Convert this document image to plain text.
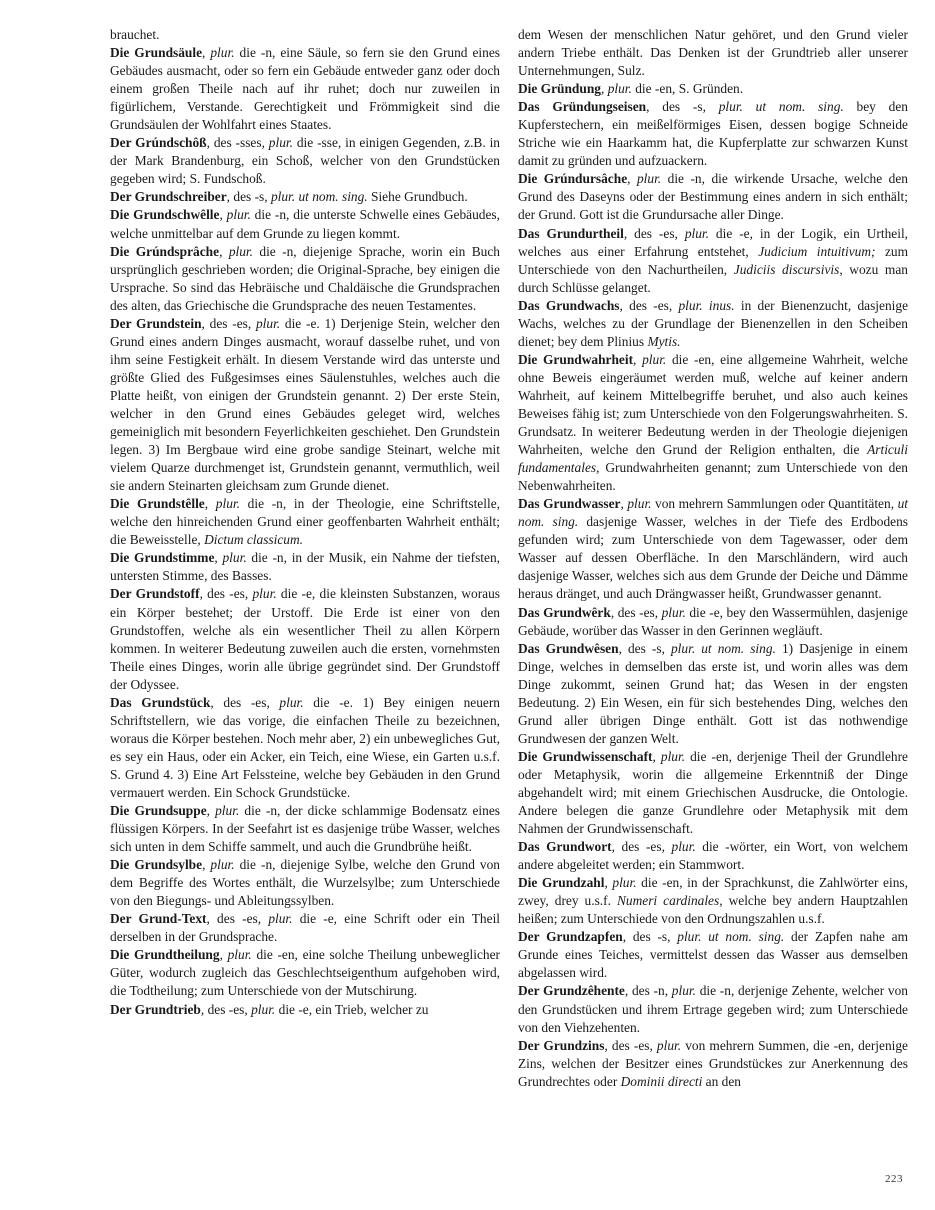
brauchet.

Die Grundsäule, plur. die -n, eine Säule, so fern sie den Grund eines Gebäudes ausmacht, oder so fern ein Gebäude entweder ganz oder doch einem großen Theile nach auf ihr ruhet; doch nur zuweilen in figürlichem, Verstande. Gerechtigkeit und Frömmigkeit sind die Grundsäulen der Wohlfahrt eines Staates.

Der Grúndschôß, des -sses, plur. die -sse, in einigen Gegenden, z.B. in der Mark Brandenburg, ein Schoß, welcher von den Grundstücken gegeben wird; S. Fundschoß.

Der Grundschreiber, des -s, plur. ut nom. sing. Siehe Grundbuch.

Die Grundschwêlle, plur. die -n, die unterste Schwelle eines Gebäudes, welche unmittelbar auf dem Grunde zu liegen kommt.

Die Grúndsprâche, plur. die -n, diejenige Sprache, worin ein Buch ursprünglich geschrieben worden; die Original-Sprache, bey einigen die Ursprache. So sind das Hebräische und Chaldäische die Grundsprachen des alten, das Griechische die Grundsprache des neuen Testamentes.

Der Grundstein, des -es, plur. die -e. 1) Derjenige Stein, welcher den Grund eines andern Dinges ausmacht, worauf dasselbe ruhet, und von ihm seine Festigkeit erhält. In diesem Verstande wird das unterste und größte Glied des Fußgesimses eines Säulenstuhles, welches auch die Platte heißt, von einigen der Grundstein genannt. 2) Der erste Stein, welcher in den Grund eines Gebäudes geleget wird, welches gemeiniglich mit besondern Feyerlichkeiten geschiehet. Den Grundstein legen. 3) Im Bergbaue wird eine grobe sandige Steinart, welche mit vielem Quarze durchmenget ist, Grundstein genannt, vermuthlich, weil sie andern Steinarten gleichsam zum Grunde dienet.

Die Grundstêlle, plur. die -n, in der Theologie, eine Schriftstelle, welche den hinreichenden Grund einer geoffenbarten Wahrheit enthält; die Beweisstelle, Dictum classicum.

Die Grundstimme, plur. die -n, in der Musik, ein Nahme der tiefsten, untersten Stimme, des Basses.

Der Grundstoff, des -es, plur. die -e, die kleinsten Substanzen, woraus ein Körper bestehet; der Urstoff. Die Erde ist einer von den Grundstoffen, welche als ein wesentlicher Theil zu allen Körpern kommen. In weiterer Bedeutung zuweilen auch die ersten, vornehmsten Theile eines Dinges, worin alle übrige gegründet sind. Der Grundstoff der Odyssee.

Das Grundstück, des -es, plur. die -e. 1) Bey einigen neuern Schriftstellern, wie das vorige, die einfachen Theile zu bezeichnen, woraus die Körper bestehen. Noch mehr aber, 2) ein unbewegliches Gut, es sey ein Haus, oder ein Acker, ein Teich, eine Wiese, ein Garten u.s.f. S. Grund 4. 3) Eine Art Felssteine, welche bey Gebäuden in den Grund vermauert werden. Ein Schock Grundstücke.

Die Grundsuppe, plur. die -n, der dicke schlammige Bodensatz eines flüssigen Körpers. In der Seefahrt ist es dasjenige trübe Wasser, welches sich unten in dem Schiffe sammelt, und auch die Grundbrühe heißt.

Die Grundsylbe, plur. die -n, diejenige Sylbe, welche den Grund von dem Begriffe des Wortes enthält, die Wurzelsylbe; zum Unterschiede von den Biegungs- und Ableitungssylben.

Der Grund-Text, des -es, plur. die -e, eine Schrift oder ein Theil derselben in der Grundsprache.

Die Grundtheilung, plur. die -en, eine solche Theilung unbeweglicher Güter, wodurch zugleich das Geschlechtseigenthum aufgehoben wird, die Todtheilung; zum Unterschiede von der Mutschirung.

Der Grundtrieb, des -es, plur. die -e, ein Trieb, welcher zu

dem Wesen der menschlichen Natur gehöret, und den Grund vieler andern Triebe enthält. Das Denken ist der Grundtrieb aller unserer Unternehmungen, Sulz.

Die Gründung, plur. die -en, S. Gründen.

Das Gründungseisen, des -s, plur. ut nom. sing. bey den Kupferstechern, ein meißelförmiges Eisen, dessen bogige Schneide Striche wie ein Haarkamm hat, die Kupferplatte zur schwarzen Kunst damit zu gründen und aufzuackern.

Die Grúndursâche, plur. die -n, die wirkende Ursache, welche den Grund des Daseyns oder der Bestimmung eines andern in sich enthält; der Grund. Gott ist die Grundursache aller Dinge.

Das Grundurtheil, des -es, plur. die -e, in der Logik, ein Urtheil, welches aus einer Erfahrung entstehet, Judicium intuitivum; zum Unterschiede von den Nachurtheilen, Judiciis discursivis, wozu man durch Schlüsse gelanget.

Das Grundwachs, des -es, plur. inus. in der Bienenzucht, dasjenige Wachs, welches zu der Grundlage der Bienenzellen in den Scheiben dienet; bey dem Plinius Mytis.

Die Grundwahrheit, plur. die -en, eine allgemeine Wahrheit, welche ohne Beweis eingeräumet werden muß, welche auf keiner andern Wahrheit, auf keinem Mittelbegriffe beruhet, und also auch keines Beweises fähig ist; zum Unterschiede von den Folgerungswahrheiten. S. Grundsatz. In weiterer Bedeutung werden in der Theologie diejenigen Wahrheiten, welche den Grund der Religion enthalten, die Articuli fundamentales, Grundwahrheiten genannt; zum Unterschiede von den Nebenwahrheiten.

Das Grundwasser, plur. von mehrern Sammlungen oder Quantitäten, ut nom. sing. dasjenige Wasser, welches in der Tiefe des Erdbodens gefunden wird; zum Unterschiede von dem Tagewasser, oder dem Wasser auf dessen Oberfläche. In den Marschländern, wird auch dasjenige Wasser, welches sich aus dem Grunde der Deiche und Dämme heraus dränget, und auch Drängwasser heißt, Grundwasser genannt.

Das Grundwêrk, des -es, plur. die -e, bey den Wassermühlen, dasjenige Gebäude, worüber das Wasser in den Gerinnen wegläuft.

Das Grundwêsen, des -s, plur. ut nom. sing. 1) Dasjenige in einem Dinge, welches in demselben das erste ist, und worin alles was dem Dinge zukommt, seinen Grund hat; das Wesen in der engsten Bedeutung. 2) Ein Wesen, ein für sich bestehendes Ding, welches den Grund aller übrigen Dinge enthält. Gott ist das nothwendige Grundwesen der ganzen Welt.

Die Grundwissenschaft, plur. die -en, derjenige Theil der Grundlehre oder Metaphysik, worin die allgemeine Erkenntniß der Dinge abgehandelt wird; mit einem Griechischen Ausdrucke, die Ontologie. Andere belegen die ganze Grundlehre oder Metaphysik mit dem Nahmen der Grundwissenschaft.

Das Grundwort, des -es, plur. die -wörter, ein Wort, von welchem andere abgeleitet werden; ein Stammwort.

Die Grundzahl, plur. die -en, in der Sprachkunst, die Zahlwörter eins, zwey, drey u.s.f. Numeri cardinales, welche bey andern Hauptzahlen heißen; zum Unterschiede von den Ordnungszahlen u.s.f.

Der Grundzapfen, des -s, plur. ut nom. sing. der Zapfen nahe am Grunde eines Teiches, vermittelst dessen das Wasser aus demselben abgelassen wird.

Der Grundzêhente, des -n, plur. die -n, derjenige Zehente, welcher von den Grundstücken und ihrem Ertrage gegeben wird; zum Unterschiede von den Viehzehenten.

Der Grundzins, des -es, plur. von mehrern Summen, die -en, derjenige Zins, welchen der Besitzer eines Grundstückes zur Anerkennung des Grundrechtes oder Dominii directi an den

223
